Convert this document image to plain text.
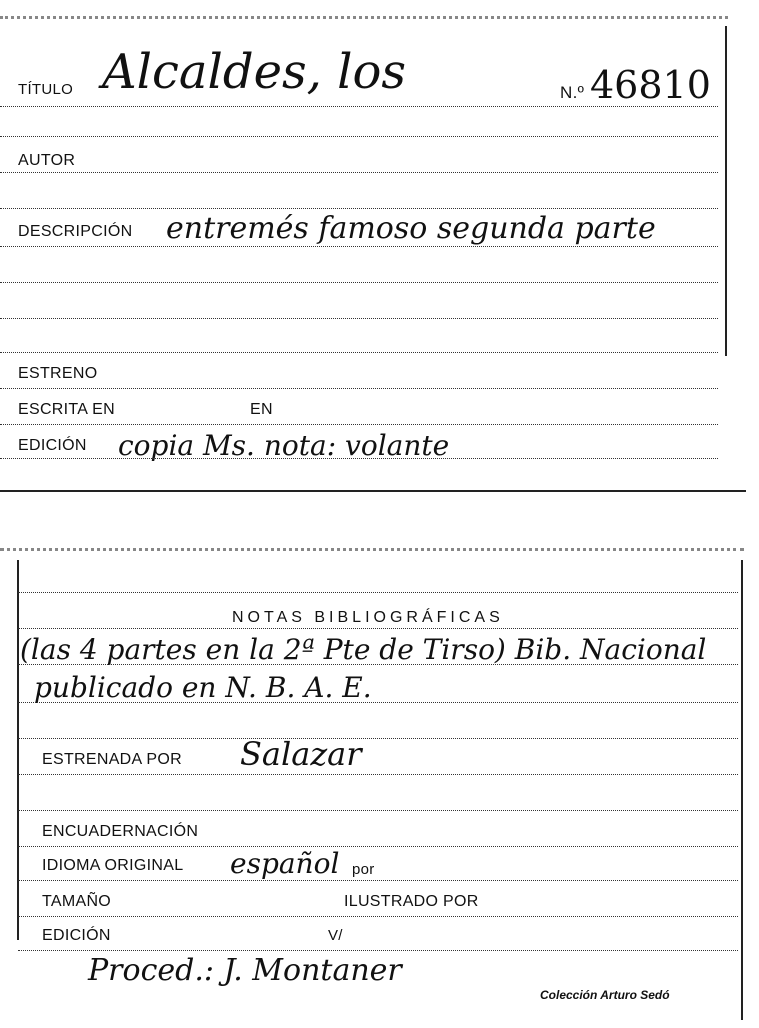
TÍTULO Alcaldes, los	N.º 46810
AUTOR
DESCRIPCIÓN entremés famoso segunda parte
ESTRENO
ESCRITA EN	EN
EDICIÓN copia Ms. nota: volante
NOTAS BIBLIOGRÁFICAS
(las 4 partes en la 2ª Pte de Tirso) Bib. Nacional
publicado en N. B. A. E.
ESTRENADA POR Salazar
ENCUADERNACIÓN
IDIOMA ORIGINAL español por
TAMAÑO	ILUSTRADO POR
EDICIÓN	V/
Proced.: J. Montaner
Colección Arturo Sedó
